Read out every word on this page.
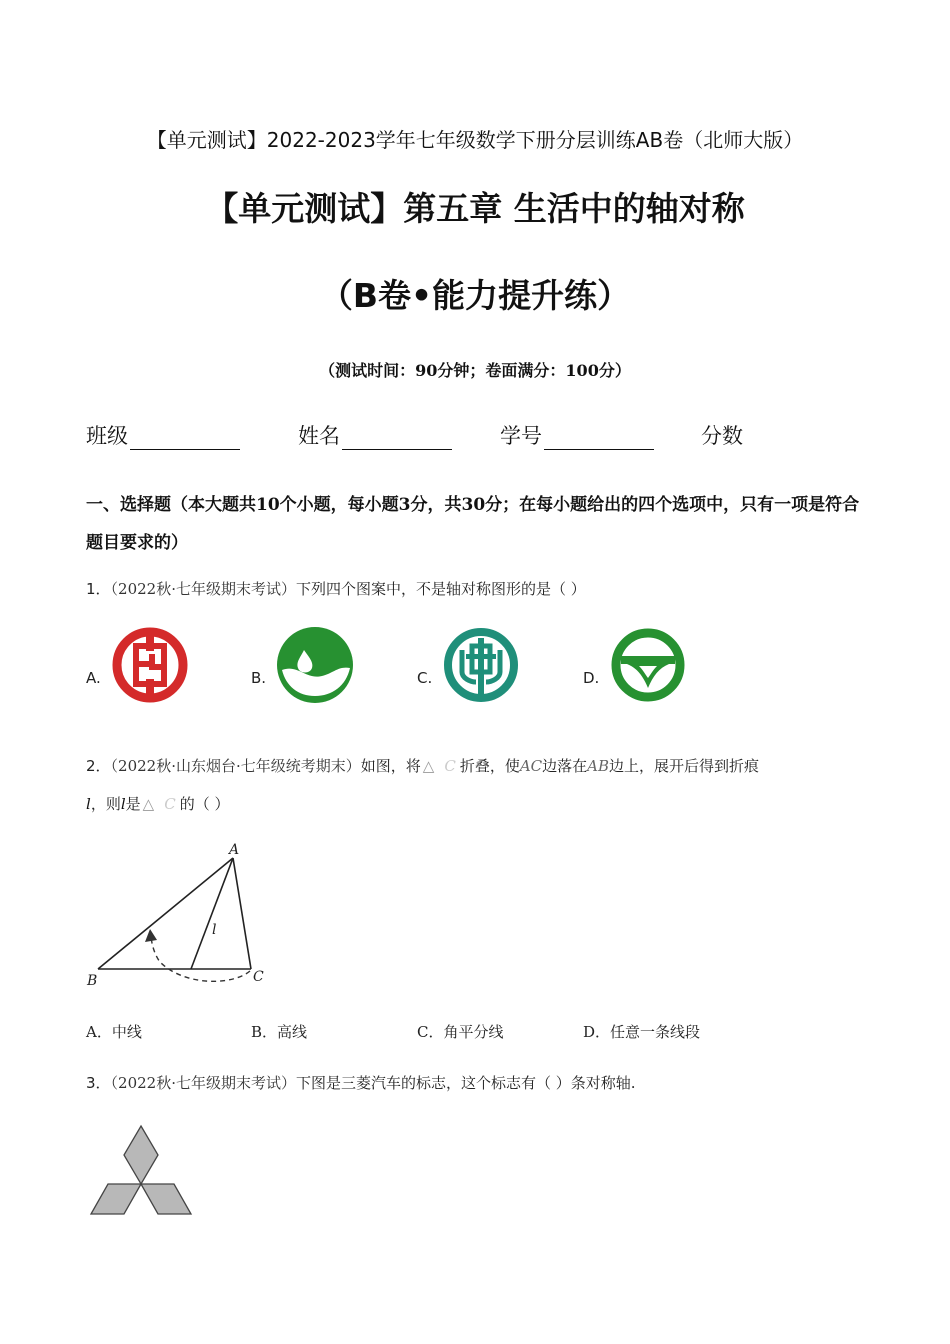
【单元测试】2022-2023学年七年级数学下册分层训练AB卷（北师大版）
【单元测试】第五章 生活中的轴对称
（B卷•能力提升练）
（测试时间：90分钟；卷面满分：100分）
班级	姓名	学号	分数
一、选择题（本大题共10个小题，每小题3分，共30分；在每小题给出的四个选项中，只有一项是符合题目要求的）
1．（2022秋·七年级期末考试）下列四个图案中，不是轴对称图形的是（ ）
A.	B.	C.	D.
2．（2022秋·山东烟台·七年级统考期末）如图，将 △ C 折叠，使AC边落在AB边上，展开后得到折痕
l，则l是 △ C 的（ ）
A
B	C
l
A．中线	B．高线	C．角平分线	D．任意一条线段
3．（2022秋·七年级期末考试）下图是三菱汽车的标志，这个标志有（ ）条对称轴.
